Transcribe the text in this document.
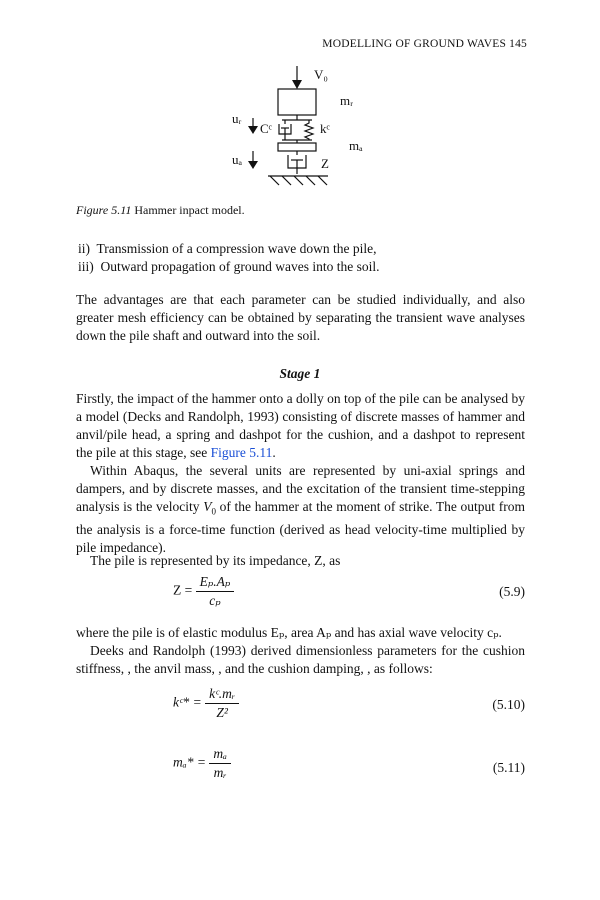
MODELLING OF GROUND WAVES 145
V₀
mᵣ
uᵣ
Cᶜ	kᶜ
mₐ
uₐ	Z
Figure 5.11 Hammer inpact model.
ii)  Transmission of a compression wave down the pile,
iii)  Outward propagation of ground waves into the soil.
The advantages are that each parameter can be studied individually, and also greater mesh efficiency can be obtained by separating the transient wave analyses down the pile shaft and outward into the soil.
Stage 1
Firstly, the impact of the hammer onto a dolly on top of the pile can be analysed by a model (Decks and Randolph, 1993) consisting of discrete masses of hammer and anvil/pile head, a spring and dashpot for the cushion, and a dashpot to represent the pile at this stage, see Figure 5.11.
Within Abaqus, the several units are represented by uni-axial springs and dampers, and by discrete masses, and the excitation of the transient time-stepping analysis is the velocity $V_0$ of the hammer at the moment of strike. The output from the analysis is a force-time function (derived as head velocity-time multiplied by pile impedance).
The pile is represented by its impedance, Z, as
$Z = \frac{\text{Eₚ.Aₚ}}{\text{cₚ}}$	(5.9)
where the pile is of elastic modulus Eₚ, area Aₚ and has axial wave velocity cₚ.
Deeks and Randolph (1993) derived dimensionless parameters for the cushion stiffness, , the anvil mass, , and the cushion damping, , as follows:
kᶜ* = $\frac{\text{kᶜ.mᵣ}}{\text{Z²}}$	(5.10)
$m_a* = \frac{\text{mₐ}}{\text{mᵣ}}$	(5.11)
